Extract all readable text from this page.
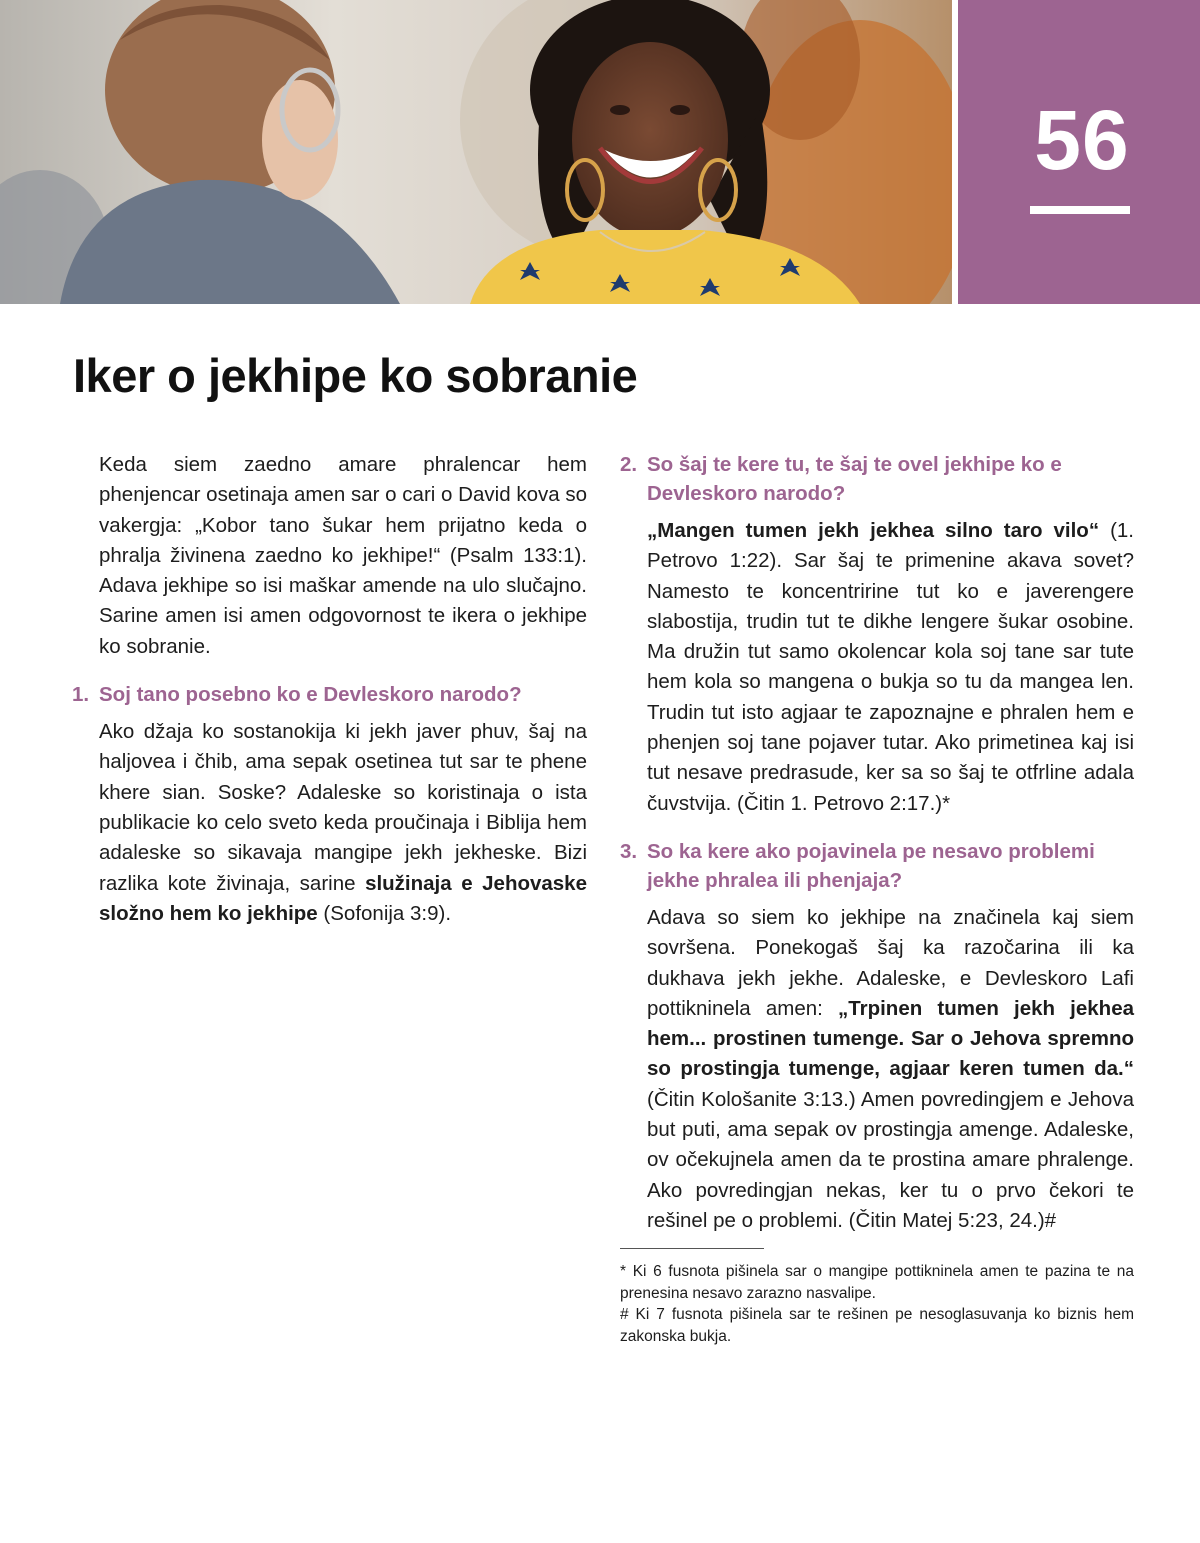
56
Iker o jekhipe ko sobranie

Keda siem zaedno amare phralencar hem phenjencar osetinaja amen sar o cari o David kova so vakergja: „Kobor tano šukar hem prijatno keda o phralja živinena zaedno ko jekhipe!“ (Psalm 133:1). Adava jekhipe so isi maškar amende na ulo slučajno. Sarine amen isi amen odgovornost te ikera o jekhipe ko sobranie.

1. Soj tano posebno ko e Devleskoro narodo?

Ako džaja ko sostanokija ki jekh javer phuv, šaj na haljovea i čhib, ama sepak osetinea tut sar te phene khere sian. Soske? Adaleske so koristinaja o ista publikacie ko celo sveto keda proučinaja i Biblija hem adaleske so sikavaja mangipe jekh jekheske. Bizi razlika kote živinaja, sarine služinaja e Jehovaske složno hem ko jekhipe (Sofonija 3:9).

2. So šaj te kere tu, te šaj te ovel jekhipe ko e Devleskoro narodo?

„Mangen tumen jekh jekhea silno taro vilo“ (1. Petrovo 1:22). Sar šaj te primenine akava sovet? Namesto te koncentririne tut ko e javerengere slabostija, trudin tut te dikhe lengere šukar osobine. Ma družin tut samo okolencar kola soj tane sar tute hem kola so mangena o bukja so tu da mangea len. Trudin tut isto agjaar te zapoznajne e phralen hem e phenjen soj tane pojaver tutar. Ako primetinea kaj isi tut nesave predrasude, ker sa so šaj te otfrline adala čuvstvija. (Čitin 1. Petrovo 2:17.)*

3. So ka kere ako pojavinela pe nesavo problemi jekhe phralea ili phenjaja?

Adava so siem ko jekhipe na značinela kaj siem sovršena. Ponekogaš šaj ka razočarina ili ka dukhava jekh jekhe. Adaleske, e Devleskoro Lafi pottikninela amen: „Trpinen tumen jekh jekhea hem... prostinen tumenge. Sar o Jehova spremno so prostingja tumenge, agjaar keren tumen da.“ (Čitin Kološanite 3:13.) Amen povredingjem e Jehova but puti, ama sepak ov prostingja amenge. Adaleske, ov očekujnela amen da te prostina amare phralenge. Ako povredingjan nekas, ker tu o prvo čekori te rešinel pe o problemi. (Čitin Matej 5:23, 24.)#

* Ki 6 fusnota pišinela sar o mangipe pottikninela amen te pazina te na prenesina nesavo zarazno nasvalipe.

# Ki 7 fusnota pišinela sar te rešinen pe nesoglasuvanja ko biznis hem zakonska bukja.
